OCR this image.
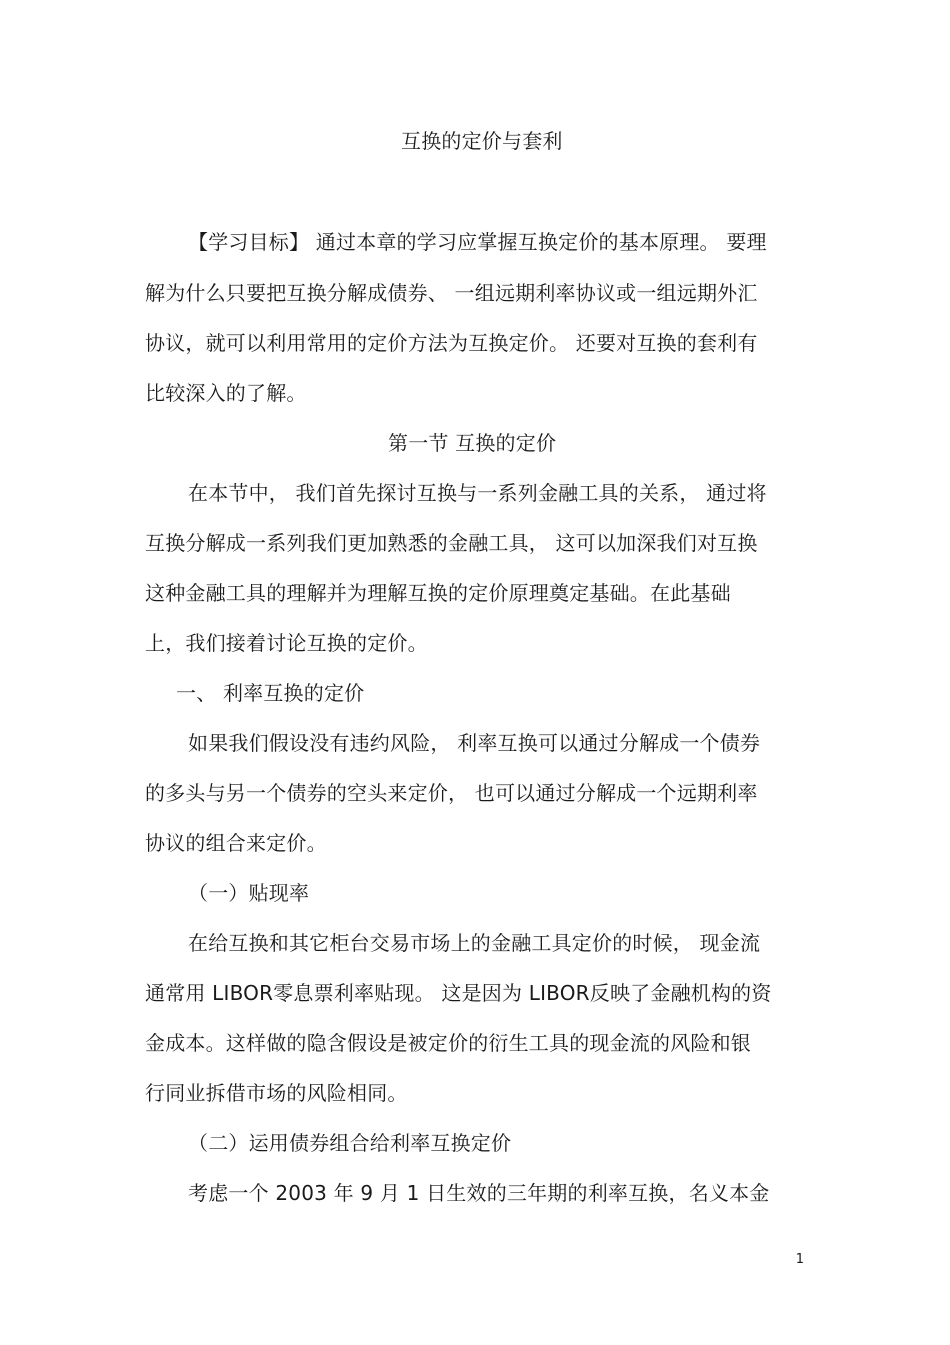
互换的定价与套利
【学习目标】 通过本章的学习应掌握互换定价的基本原理。 要理
解为什么只要把互换分解成债券、 一组远期利率协议或一组远期外汇
协议，就可以利用常用的定价方法为互换定价。 还要对互换的套利有
比较深入的了解。
第一节 互换的定价
在本节中， 我们首先探讨互换与一系列金融工具的关系， 通过将
互换分解成一系列我们更加熟悉的金融工具， 这可以加深我们对互换
这种金融工具的理解并为理解互换的定价原理奠定基础。在此基础
上，我们接着讨论互换的定价。
一、 利率互换的定价
如果我们假设没有违约风险， 利率互换可以通过分解成一个债券
的多头与另一个债券的空头来定价， 也可以通过分解成一个远期利率
协议的组合来定价。
（一）贴现率
在给互换和其它柜台交易市场上的金融工具定价的时候， 现金流
通常用 LIBOR零息票利率贴现。 这是因为 LIBOR反映了金融机构的资
金成本。这样做的隐含假设是被定价的衍生工具的现金流的风险和银
行同业拆借市场的风险相同。
（二）运用债券组合给利率互换定价
考虑一个 2003 年 9 月 1 日生效的三年期的利率互换，名义本金
1
